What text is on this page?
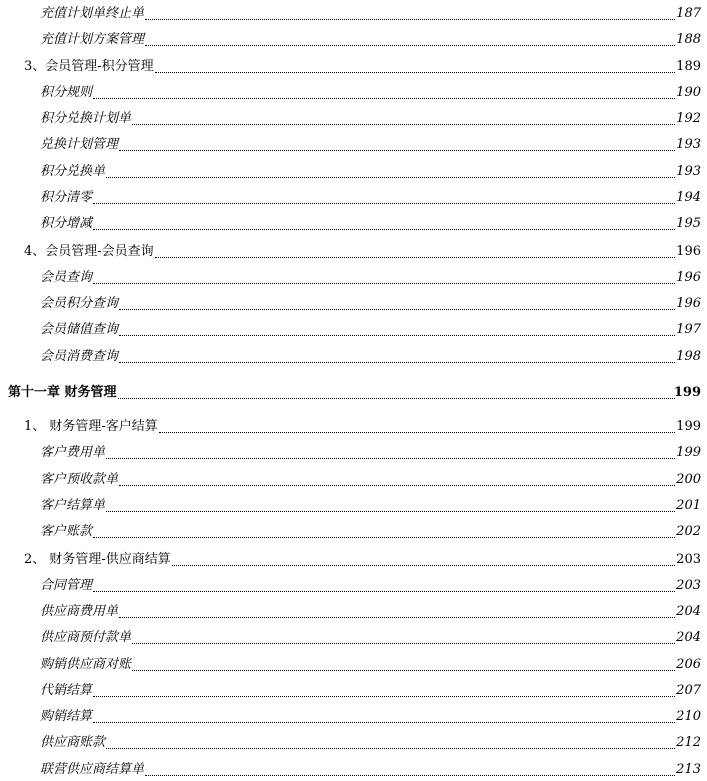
充值计划单终止单	187
充值计划方案管理	188
3、会员管理-积分管理	189
积分规则	190
积分兑换计划单	192
兑换计划管理	193
积分兑换单	193
积分清零	194
积分增减	195
4、会员管理-会员查询	196
会员查询	196
会员积分查询	196
会员储值查询	197
会员消费查询	198
第十一章 财务管理	199
1、 财务管理-客户结算	199
客户费用单	199
客户预收款单	200
客户结算单	201
客户账款	202
2、 财务管理-供应商结算	203
合同管理	203
供应商费用单	204
供应商预付款单	204
购销供应商对账	206
代销结算	207
购销结算	210
供应商账款	212
联营供应商结算单	213
